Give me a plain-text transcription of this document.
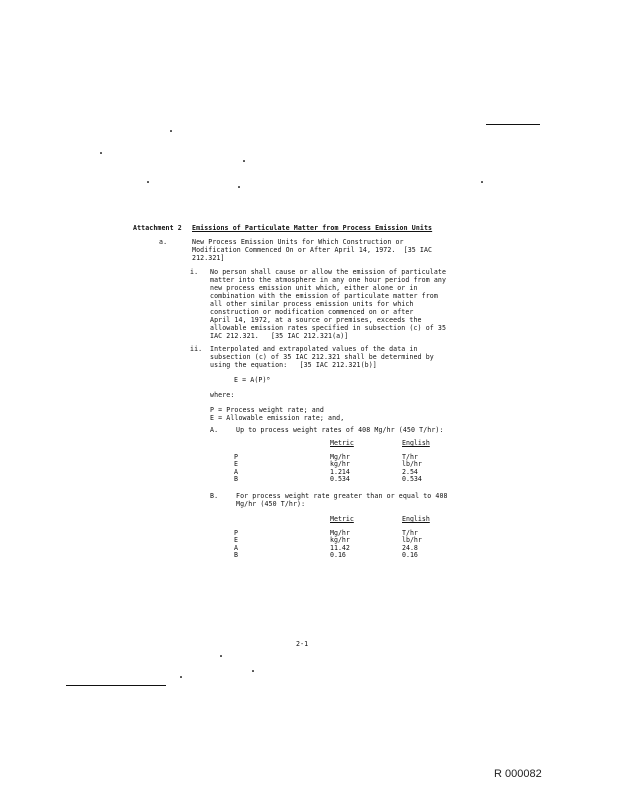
Attachment 2 Emissions of Particulate Matter from Process Emission Units
a.	New Process Emission Units for Which Construction or
Modification Commenced On or After April 14, 1972.  [35 IAC
212.321]
i. No person shall cause or allow the emission of particulate
matter into the atmosphere in any one hour period from any
new process emission unit which, either alone or in
combination with the emission of particulate matter from
all other similar process emission units for which
construction or modification commenced on or after
April 14, 1972, at a source or premises, exceeds the
allowable emission rates specified in subsection (c) of 35
IAC 212.321.   [35 IAC 212.321(a)]
ii. Interpolated and extrapolated values of the data in
subsection (c) of 35 IAC 212.321 shall be determined by
using the equation:   [35 IAC 212.321(b)]
E = A(P)ᴮ
where:
P = Process weight rate; and
E = Allowable emission rate; and,
A.	Up to process weight rates of 408 Mg/hr (450 T/hr):
	Metric	English

P	Mg/hr	T/hr
E	kg/hr	lb/hr
A	1.214	2.54
B	0.534	0.534
B.	For process weight rate greater than or equal to 408
Mg/hr (450 T/hr):
	Metric	English

P	Mg/hr	T/hr
E	kg/hr	lb/hr
A	11.42	24.8
B	0.16	0.16
2-1
R 000082
